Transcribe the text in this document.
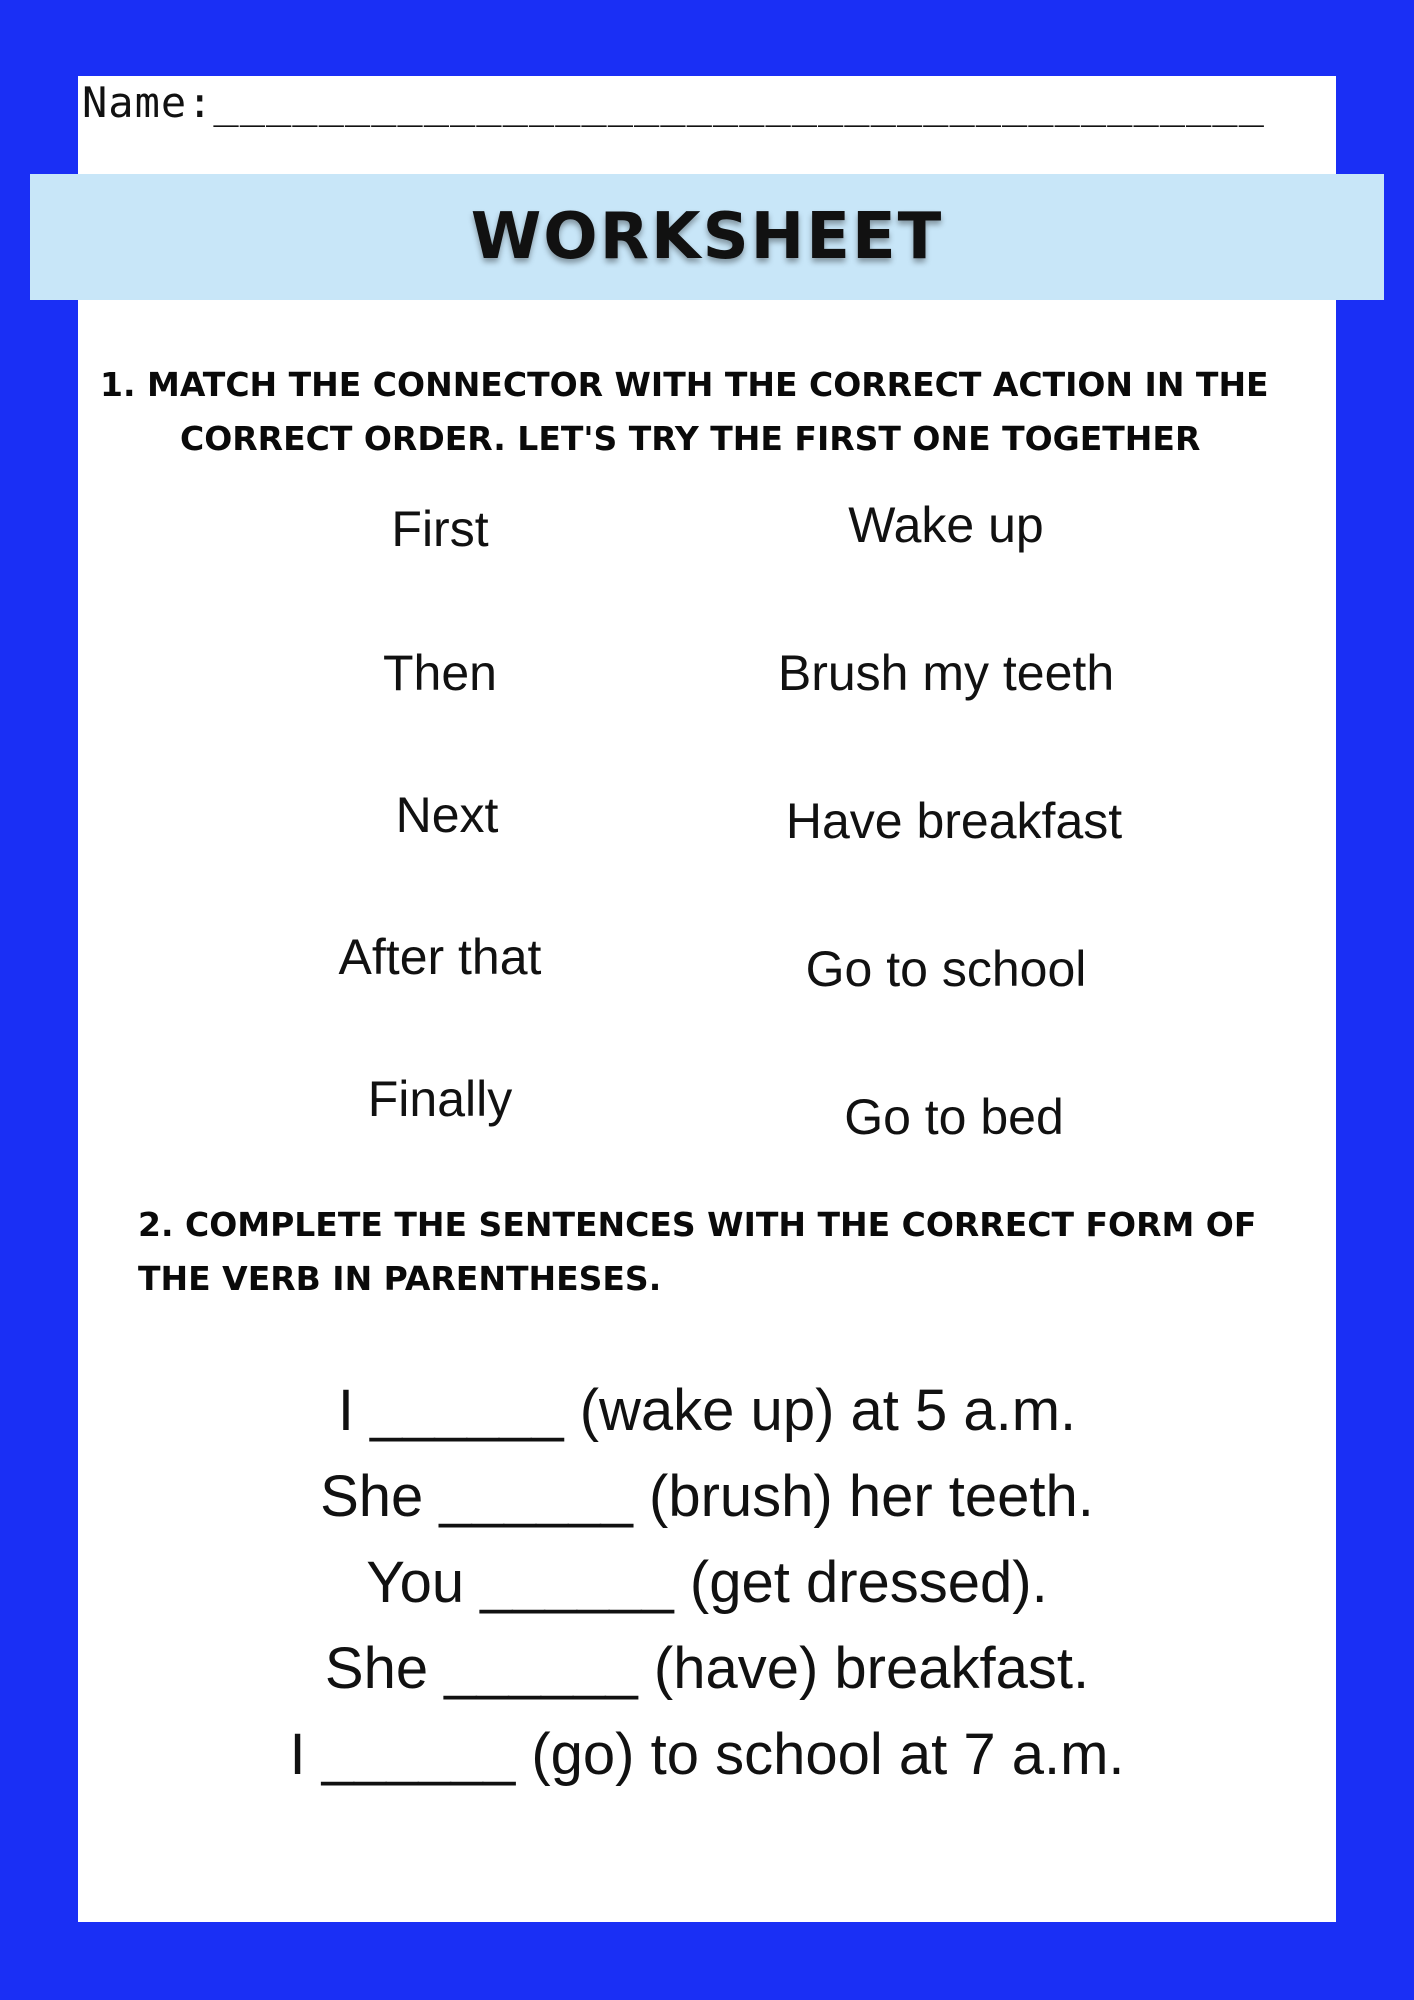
Name:________________________________________
WORKSHEET
1. MATCH THE CONNECTOR WITH THE CORRECT ACTION IN THE
CORRECT ORDER. LET'S TRY THE FIRST ONE TOGETHER
First
Then
Next
After that
Finally
Wake up
Brush my teeth
Have breakfast
Go to school
Go to bed
2. COMPLETE THE SENTENCES WITH THE CORRECT FORM OF
THE VERB IN PARENTHESES.
I ______ (wake up) at 5 a.m.
She ______ (brush) her teeth.
You ______ (get dressed).
She ______ (have) breakfast.
I ______ (go) to school at 7 a.m.
